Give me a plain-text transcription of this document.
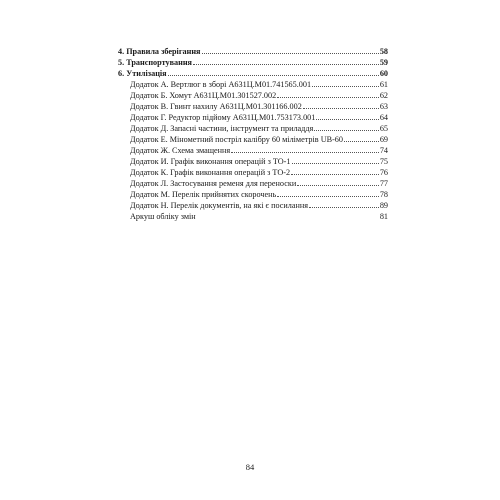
4. Правила зберігання	58
5. Транспортування	59
6. Утилізація	60
Додаток А. Вертлюг в зборі А631Ц.М01.741565.001	61
Додаток Б. Хомут А631Ц.М01.301527.002	62
Додаток В. Гвинт нахилу А631Ц.М01.301166.002	63
Додаток Г. Редуктор підйому А631Ц.М01.753173.001	64
Додаток Д. Запасні частини, інструмент та приладдя	65
Додаток Е. Мінометний постріл калібру 60 міліметрів UB-60	69
Додаток Ж. Схема змащення	74
Додаток И. Графік виконання операцій з ТО-1	75
Додаток К. Графік виконання операцій з ТО-2	76
Додаток Л. Застосування ременя для переноски	77
Додаток М. Перелік прийнятих скорочень	78
Додаток Н. Перелік документів, на які є посилання	89
Аркуш обліку змін	81
84
